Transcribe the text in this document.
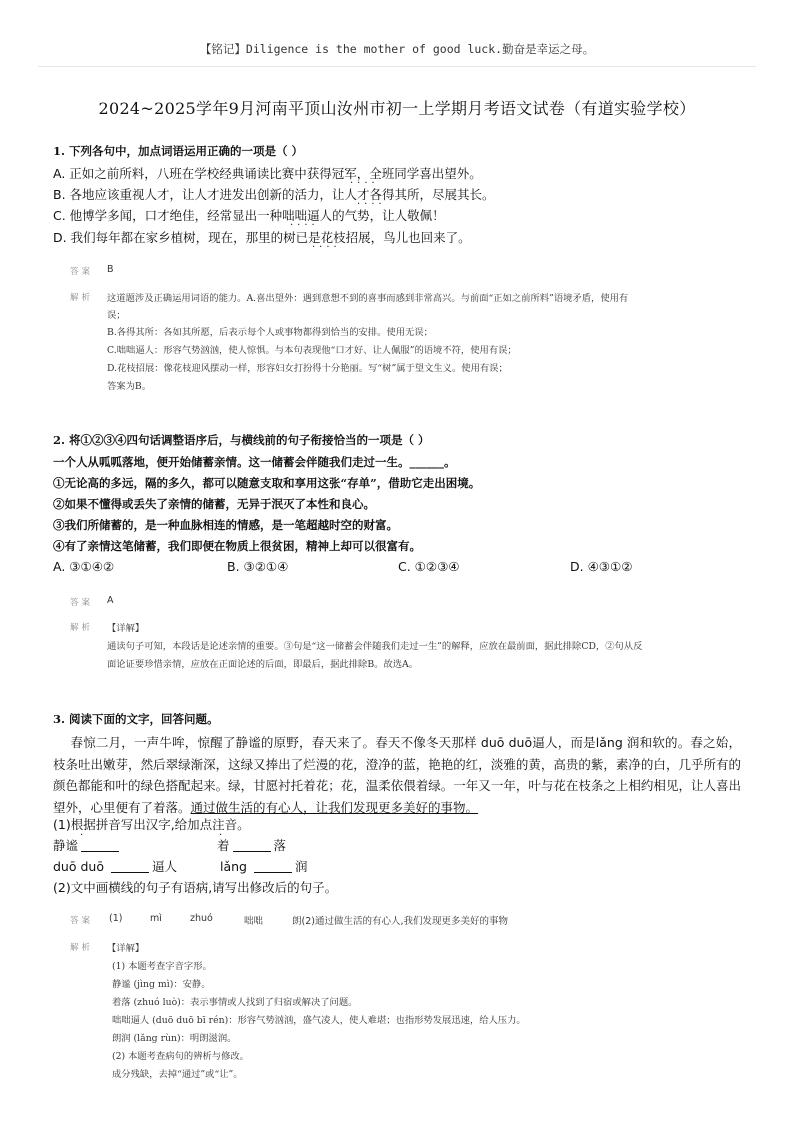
【铭记】Diligence is the mother of good luck.勤奋是幸运之母。
2024~2025学年9月河南平顶山汝州市初一上学期月考语文试卷（有道实验学校）
1. 下列各句中，加点词语运用正确的一项是（ ）
A. 正如之前所料，八班在学校经典诵读比赛中获得冠军，全班同学喜出望外。
····
B. 各地应该重视人才，让人才进发出创新的活力，让人才各得其所，尽展其长。
····
C. 他博学多闻，口才绝佳，经常显出一种咄咄逼人的气势，让人敬佩！
····
D. 我们每年都在家乡植树，现在，那里的树已是花枝招展，鸟儿也回来了。
····
答案 B
解析 这道题涉及正确运用词语的能力。A.喜出望外：遇到意想不到的喜事而感到非常高兴。与前面“正如之前所料”语境矛盾，使用有
误；
B.各得其所：各如其所愿，后表示每个人或事物都得到恰当的安排。使用无误；
C.咄咄逼人：形容气势汹汹，使人惊惧。与本句表现他“口才好、让人佩服”的语境不符，使用有误；
D.花枝招展：像花枝迎风摆动一样，形容妇女打扮得十分艳丽。写“树”属于望文生义。使用有误；
答案为B。
2. 将①②③④四句话调整语序后，与横线前的句子衔接恰当的一项是（ ）
一个人从呱呱落地，便开始储蓄亲情。这一储蓄会伴随我们走过一生。______。
①无论高的多远，隔的多久，都可以随意支取和享用这张“存单”，借助它走出困境。
②如果不懂得或丢失了亲情的储蓄，无异于泯灭了本性和良心。
③我们所储蓄的，是一种血脉相连的情感，是一笔超越时空的财富。
④有了亲情这笔储蓄，我们即便在物质上很贫困，精神上却可以很富有。
A. ③①④②	B. ③②①④	C. ①②③④	D. ④③①②
答案 A
解析 【详解】
通读句子可知，本段话是论述亲情的重要。③句是“这一储蓄会伴随我们走过一生”的解释，应放在最前面，据此排除CD，②句从反
面论证要珍惜亲情，应放在正面论述的后面，即最后，据此排除B。故选A。
3. 阅读下面的文字，回答问题。

春惊二月，一声牛哞，惊醒了静谧的原野，春天来了。春天不像冬天那样 duō duō逼人，而是lǎng 润和软的。春之始，枝条吐出嫩芽，然后翠绿渐深，这绿又捧出了烂漫的花，澄净的蓝，艳艳的红，淡雅的黄，高贵的紫，素净的白，几乎所有的颜色都能和叶的绿色搭配起来。绿，甘愿衬托着花；花，温柔依偎着绿。一年又一年，叶与花在枝条之上相约相见，让人喜出望外，心里便有了着落。通过做生活的有心人，让我们发现更多美好的事物。

(1)根据拼音写出汉字,给加点注音。
静谧
·
着	落
·
duō duō	逼人	lǎng	润
(2)文中画横线的句子有语病,请写出修改后的句子。
答案 (1)	mì	zhuó	咄咄	朗(2)通过做生活的有心人,我们发现更多美好的事物
解析 【详解】
(1) 本题考查字音字形。
静谧 (jìng mì)：安静。
着落 (zhuó luò)：表示事情或人找到了归宿或解决了问题。
咄咄逼人 (duō duō bī rén)：形容气势汹汹，盛气凌人，使人难堪；也指形势发展迅速，给人压力。
朗润 (lǎng rùn)：明朗滋润。
(2) 本题考查病句的辨析与修改。
成分残缺，去掉“通过”或“让”。
